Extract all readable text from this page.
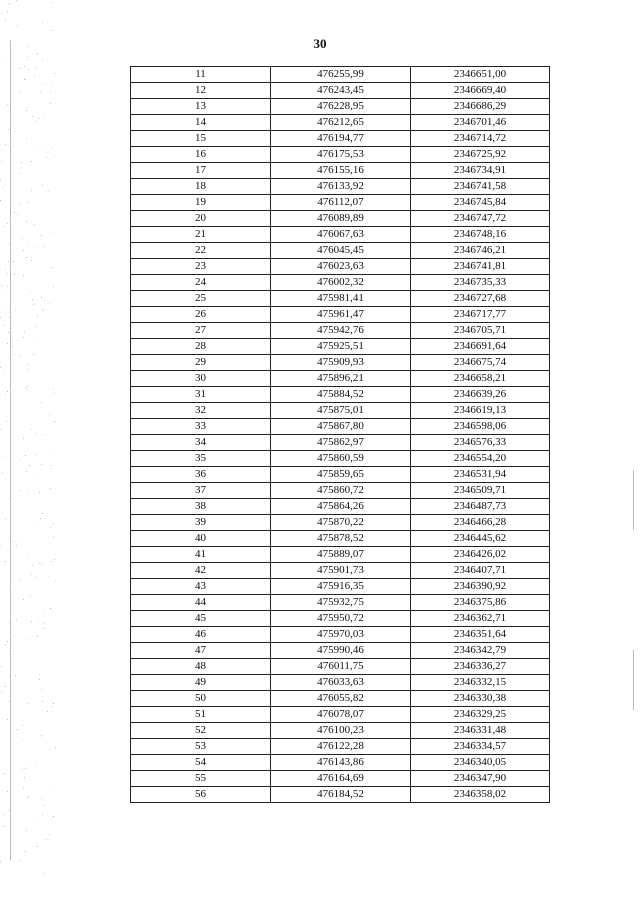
30
11	476255,99	2346651,00
12	476243,45	2346669,40
13	476228,95	2346686,29
14	476212,65	2346701,46
15	476194,77	2346714,72
16	476175,53	2346725,92
17	476155,16	2346734,91
18	476133,92	2346741,58
19	476112,07	2346745,84
20	476089,89	2346747,72
21	476067,63	2346748,16
22	476045,45	2346746,21
23	476023,63	2346741,81
24	476002,32	2346735,33
25	475981,41	2346727,68
26	475961,47	2346717,77
27	475942,76	2346705,71
28	475925,51	2346691,64
29	475909,93	2346675,74
30	475896,21	2346658,21
31	475884,52	2346639,26
32	475875,01	2346619,13
33	475867,80	2346598,06
34	475862,97	2346576,33
35	475860,59	2346554,20
36	475859,65	2346531,94
37	475860,72	2346509,71
38	475864,26	2346487,73
39	475870,22	2346466,28
40	475878,52	2346445,62
41	475889,07	2346426,02
42	475901,73	2346407,71
43	475916,35	2346390,92
44	475932,75	2346375,86
45	475950,72	2346362,71
46	475970,03	2346351,64
47	475990,46	2346342,79
48	476011,75	2346336,27
49	476033,63	2346332,15
50	476055,82	2346330,38
51	476078,07	2346329,25
52	476100,23	2346331,48
53	476122,28	2346334,57
54	476143,86	2346340,05
55	476164,69	2346347,90
56	476184,52	2346358,02
